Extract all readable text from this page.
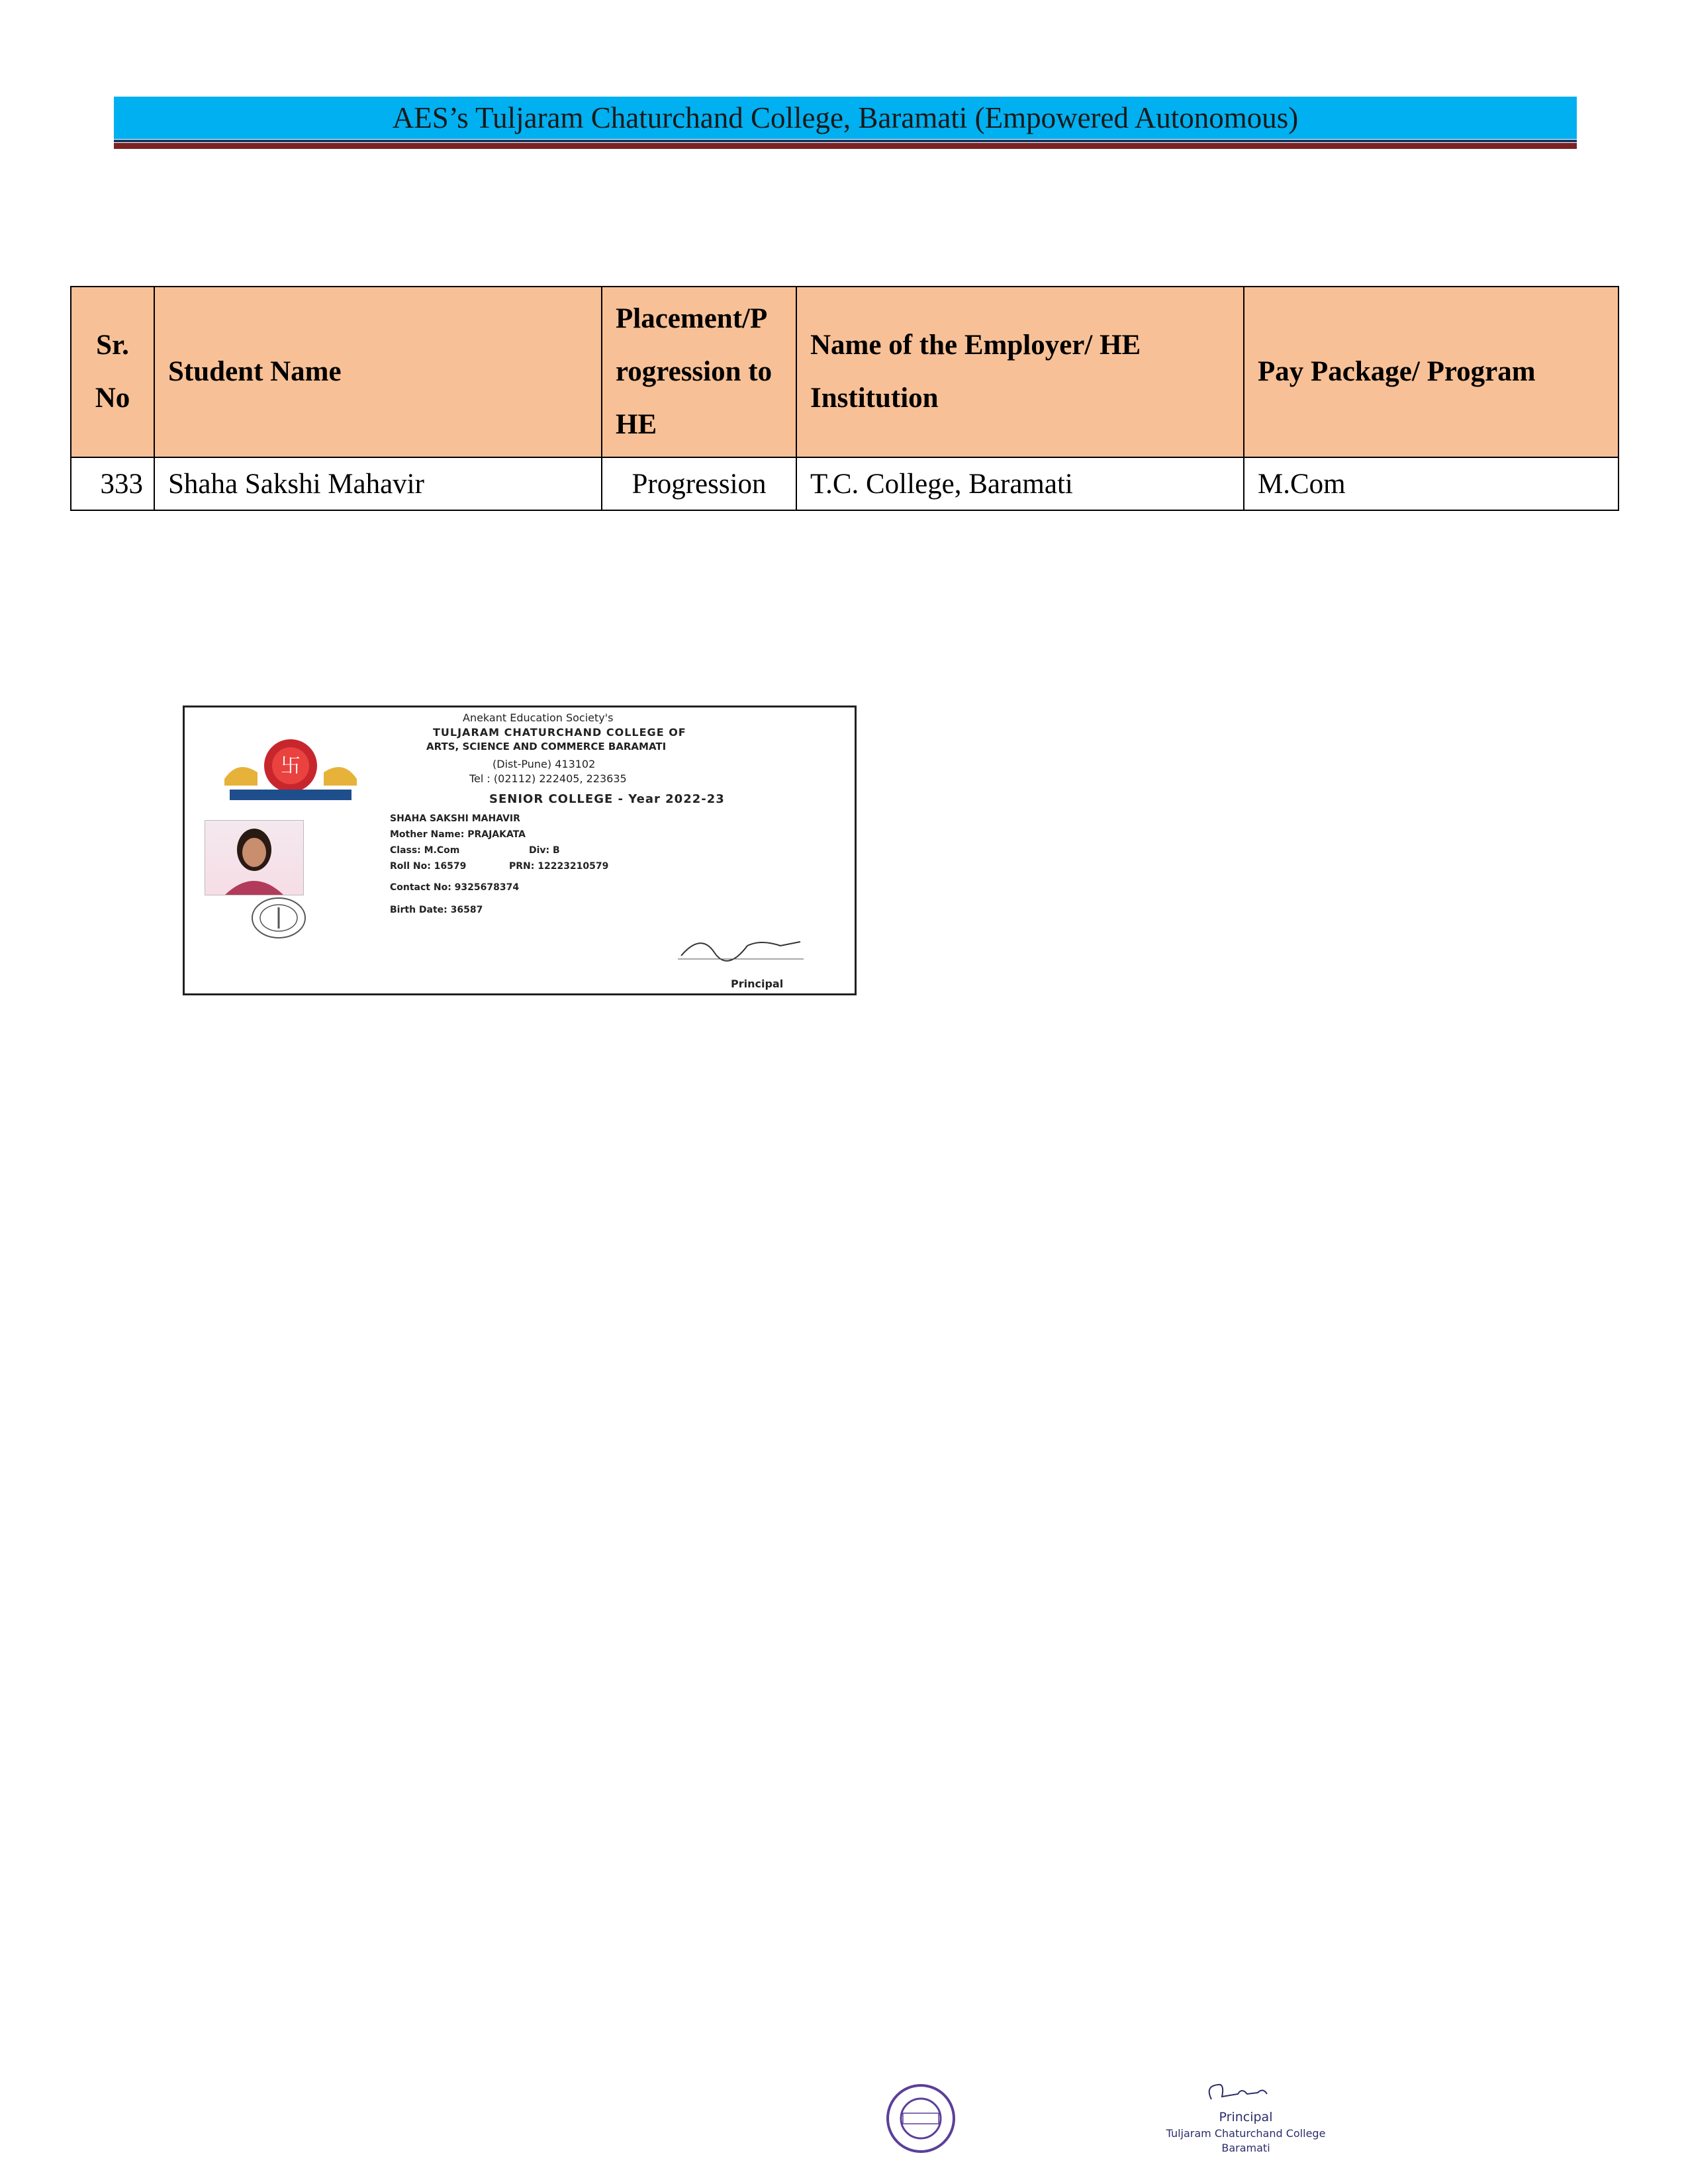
AES’s Tuljaram Chaturchand College, Baramati (Empowered Autonomous)
Sr. No	Student Name	Placement/P rogression to HE	Name of the Employer/ HE Institution	Pay Package/ Program
333	Shaha Sakshi Mahavir	Progression	T.C. College, Baramati	M.Com
卐
Anekant Education Society's
TULJARAM CHATURCHAND COLLEGE OF
ARTS, SCIENCE AND COMMERCE BARAMATI
(Dist-Pune) 413102
Tel : (02112) 222405, 223635
SENIOR COLLEGE - Year 2022-23
SHAHA SAKSHI MAHAVIR
Mother Name: PRAJAKATA
Class: M.Com	Div: B
Roll No: 16579	PRN: 12223210579
Contact No: 9325678374
Birth Date: 36587
Principal
Principal
Tuljaram Chaturchand College
Baramati
